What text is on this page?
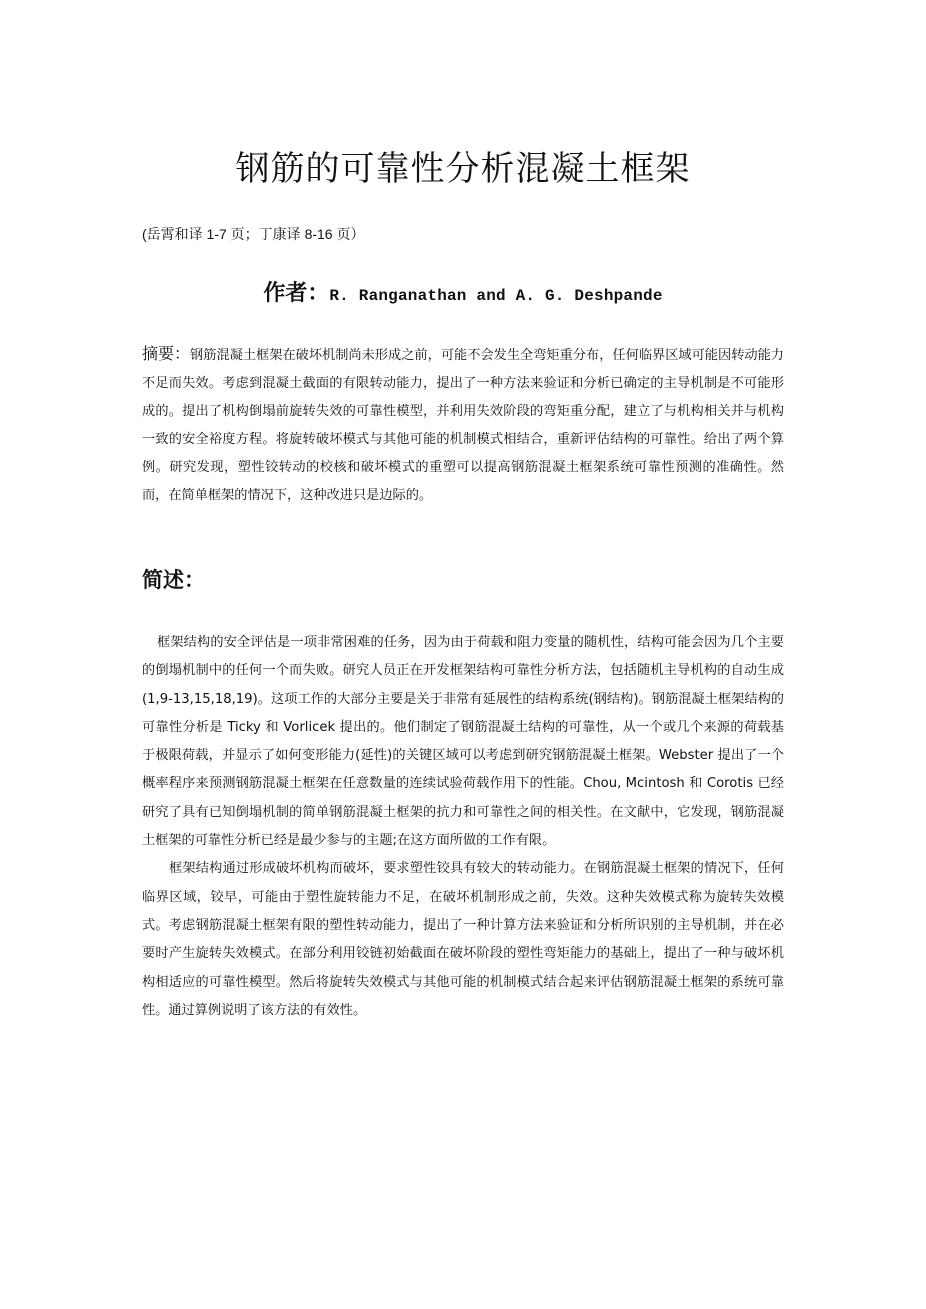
钢筋的可靠性分析混凝土框架
(岳霄和译 1-7 页；丁康译 8-16 页）
作者：R. Ranganathan and A. G. Deshpande

摘要：钢筋混凝土框架在破坏机制尚未形成之前，可能不会发生全弯矩重分布，任何临界区域可能因转动能力不足而失效。考虑到混凝土截面的有限转动能力，提出了一种方法来验证和分析已确定的主导机制是不可能形成的。提出了机构倒塌前旋转失效的可靠性模型，并利用失效阶段的弯矩重分配，建立了与机构相关并与机构一致的安全裕度方程。将旋转破坏模式与其他可能的机制模式相结合，重新评估结构的可靠性。给出了两个算例。研究发现，塑性铰转动的校核和破坏模式的重塑可以提高钢筋混凝土框架系统可靠性预测的准确性。然而，在简单框架的情况下，这种改进只是边际的。

简述：

框架结构的安全评估是一项非常困难的任务，因为由于荷载和阻力变量的随机性，结构可能会因为几个主要的倒塌机制中的任何一个而失败。研究人员正在开发框架结构可靠性分析方法，包括随机主导机构的自动生成(1,9-13,15,18,19)。这项工作的大部分主要是关于非常有延展性的结构系统(钢结构)。钢筋混凝土框架结构的可靠性分析是 Ticky 和 Vorlicek 提出的。他们制定了钢筋混凝土结构的可靠性，从一个或几个来源的荷载基于极限荷载，并显示了如何变形能力(延性)的关键区域可以考虑到研究钢筋混凝土框架。Webster 提出了一个概率程序来预测钢筋混凝土框架在任意数量的连续试验荷载作用下的性能。Chou, Mcintosh 和 Corotis 已经研究了具有已知倒塌机制的简单钢筋混凝土框架的抗力和可靠性之间的相关性。在文献中，它发现，钢筋混凝土框架的可靠性分析已经是最少参与的主题;在这方面所做的工作有限。

框架结构通过形成破坏机构而破坏，要求塑性铰具有较大的转动能力。在钢筋混凝土框架的情况下，任何临界区域，铰早，可能由于塑性旋转能力不足，在破坏机制形成之前，失效。这种失效模式称为旋转失效模式。考虑钢筋混凝土框架有限的塑性转动能力，提出了一种计算方法来验证和分析所识别的主导机制，并在必要时产生旋转失效模式。在部分利用铰链初始截面在破坏阶段的塑性弯矩能力的基础上，提出了一种与破坏机构相适应的可靠性模型。然后将旋转失效模式与其他可能的机制模式结合起来评估钢筋混凝土框架的系统可靠性。通过算例说明了该方法的有效性。
